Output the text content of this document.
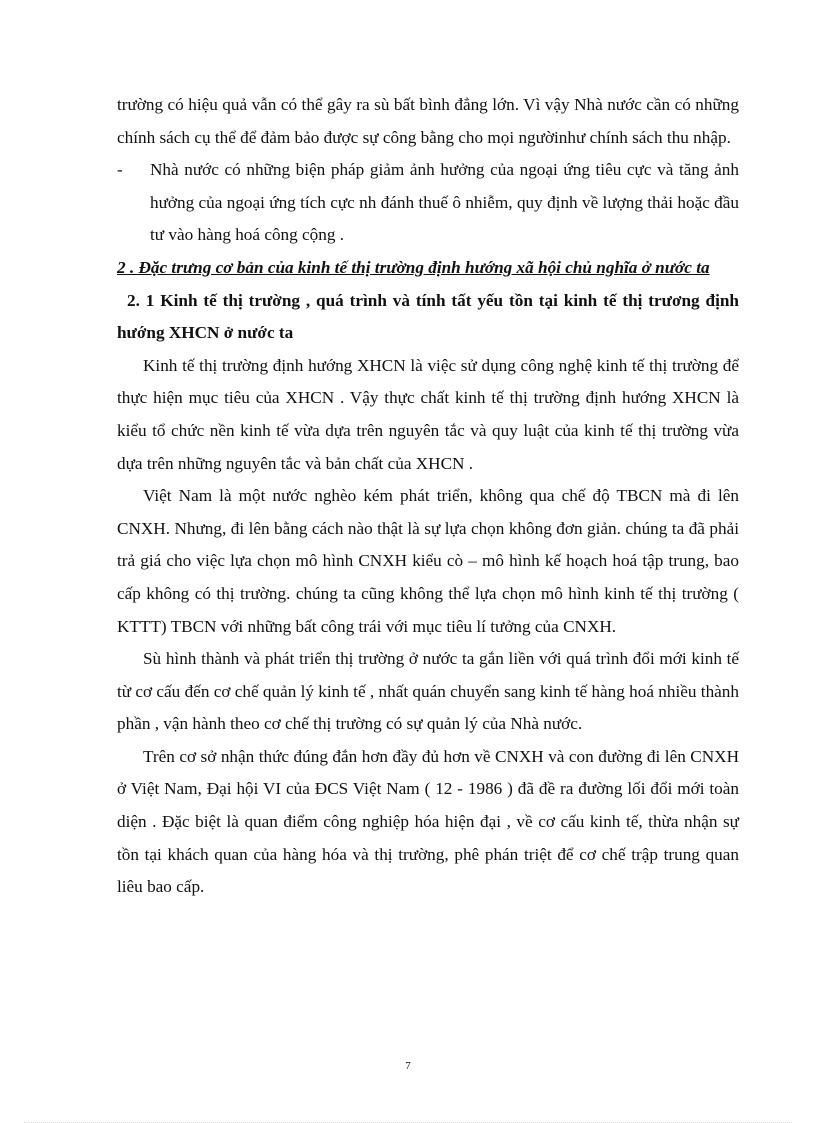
trường có hiệu quả vẫn có thể gây ra sù bất bình đẳng lớn. Vì vậy Nhà nước cần có những chính sách cụ thể để đảm bảo được sự công bằng cho mọi ngườinhư chính sách thu nhập.

-	Nhà nước có những biện pháp giảm ảnh hưởng của ngoại ứng tiêu cực và tăng ảnh hưởng của ngoại ứng tích cực nh đánh thuế ô nhiễm, quy định về lượng thải hoặc đầu tư vào hàng hoá công cộng .

2 . Đặc trưng cơ bản của kinh tế thị trường định hướng xã hội chủ nghĩa ở nước ta

2. 1 Kinh tế thị trường , quá trình và tính tất yếu tồn tại kinh tế thị trương định hướng XHCN ở nước ta

Kinh tế thị trường định hướng XHCN là việc sử dụng công nghệ kinh tế thị trường để thực hiện mục tiêu của XHCN . Vậy thực chất kinh tế thị trường định hướng XHCN là kiểu tổ chức nền kinh tế vừa dựa trên nguyên tắc và quy luật của kinh tế thị trường vừa dựa trên những nguyên tắc và bản chất của XHCN .

Việt Nam là một nước nghèo kém phát triển, không qua chế độ TBCN mà đi lên CNXH. Nhưng, đi lên bằng cách nào thật là sự lựa chọn không đơn giản. chúng ta đã phải trả giá cho việc lựa chọn mô hình CNXH kiểu cò – mô hình kế hoạch hoá tập trung, bao cấp không có thị trường. chúng ta cũng không thể lựa chọn mô hình kinh tế thị trường ( KTTT) TBCN với những bất công trái với mục tiêu lí tưởng của CNXH.

Sù hình thành và phát triển thị trường ở nước ta gắn liền với quá trình đổi mới kinh tế từ cơ cấu đến cơ chế quản lý kinh tế , nhất quán chuyển sang kinh tế hàng hoá nhiều thành phần , vận hành theo cơ chế thị trường có sự quản lý của Nhà nước.

Trên cơ sở nhận thức đúng đắn hơn đầy đủ hơn về CNXH và con đường đi lên CNXH ở Việt Nam, Đại hội VI của ĐCS Việt Nam ( 12 - 1986 ) đã đề ra đường lối đổi mới toàn diện . Đặc biệt là quan điểm công nghiệp hóa hiện đại , về cơ cấu kinh tế, thừa nhận sự tồn tại khách quan của hàng hóa và thị trường, phê phán triệt để cơ chế trập trung quan liêu bao cấp.

7
